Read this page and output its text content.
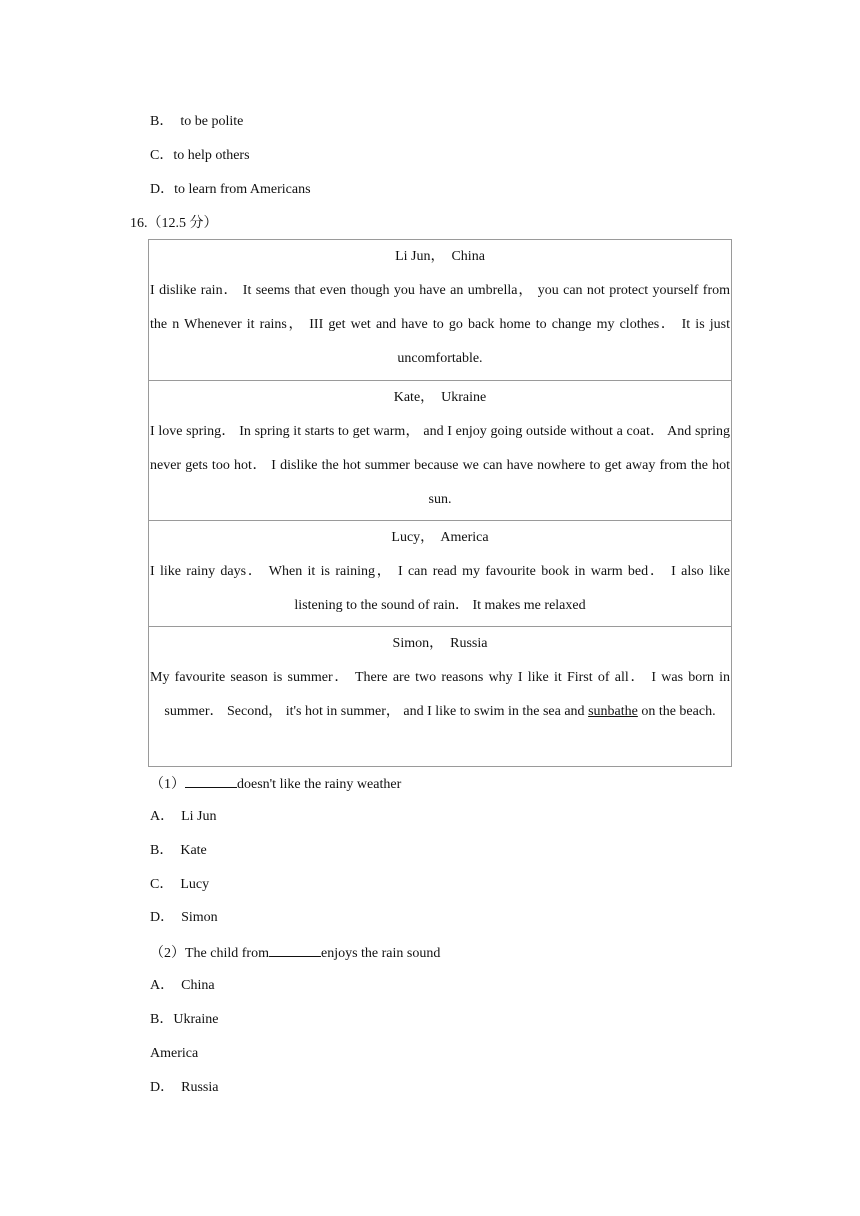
B．  to be polite
C．to help others
D．to learn from Americans
16.（12.5 分）
Li Jun，  China
I dislike rain． It seems that even though you have an umbrella， you can not protect yourself from the n Whenever it rains， III get wet and have to go back home to change my clothes． It is just uncomfortable.
Kate，  Ukraine
I love spring． In spring it starts to get warm， and I enjoy going outside without a coat． And spring never gets too hot． I dislike the hot summer because we can have nowhere to get away from the hot sun.
Lucy，  America
I like rainy days． When it is raining， I can read my favourite book in warm bed． I also like listening to the sound of rain． It makes me relaxed
Simon，  Russia
My favourite season is summer． There are two reasons why I like it First of all． I was born in summer． Second， it's hot in summer， and I like to swim in the sea and sunbathe on the beach.
（1）	doesn't like the rainy weather
A．  Li Jun
B．  Kate
C．  Lucy
D．  Simon
（2）The child from	enjoys the rain sound
A．  China
B．Ukraine
America
D．  Russia
